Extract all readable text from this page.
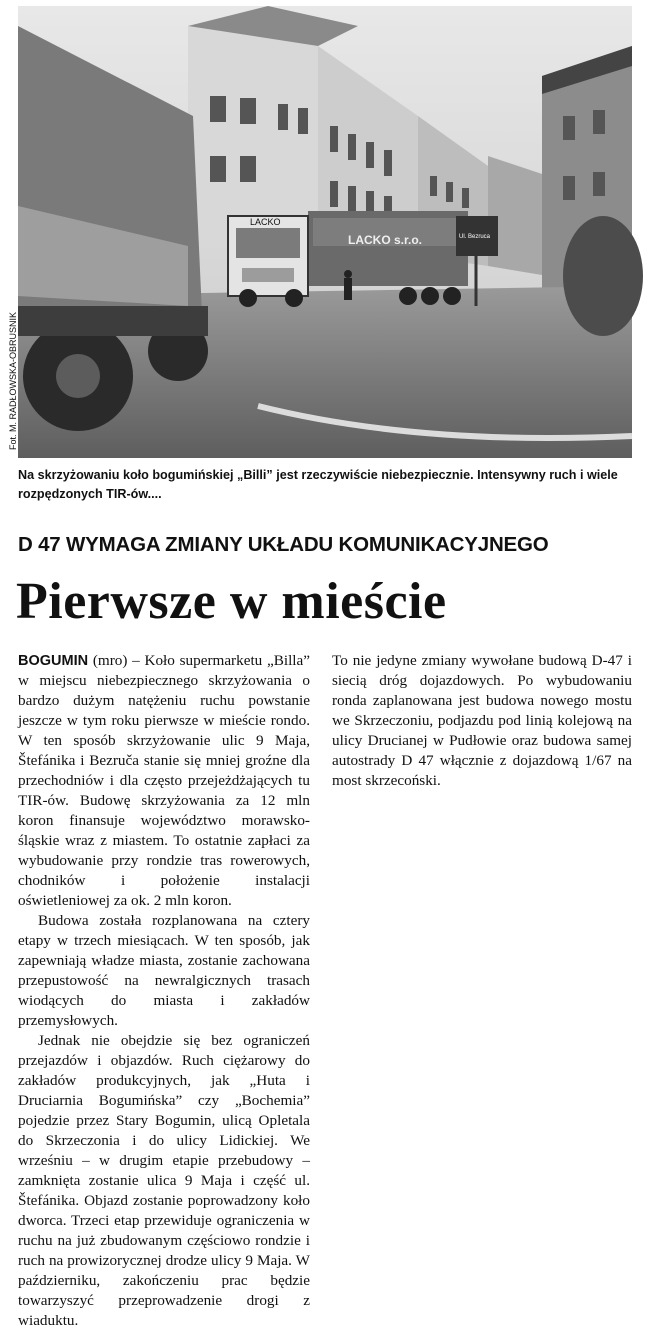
LACKO
LACKO s.r.o.	Ul. Bezruca
Fot. M. RADŁOWSKA-OBRUSNIK

Na skrzyżowaniu koło bogumińskiej „Billi” jest rzeczywiście niebezpiecznie. Intensywny ruch i wiele rozpędzonych TIR-ów....

D 47 WYMAGA ZMIANY UKŁADU KOMUNIKACYJNEGO
Pierwsze w mieście

BOGUMIN (mro) – Koło supermarketu „Billa” w miejscu niebezpiecznego skrzyżowania o bardzo dużym natężeniu ruchu powstanie jeszcze w tym roku pierwsze w mieście rondo. W ten sposób skrzyżowanie ulic 9 Maja, Štefánika i Bezruča stanie się mniej groźne dla przechodniów i dla często przejeżdżających tu TIR-ów. Budowę skrzyżowania za 12 mln koron finansuje województwo morawsko-śląskie wraz z miastem. To ostatnie zapłaci za wybudowanie przy rondzie tras rowerowych, chodników i położenie instalacji oświetleniowej za ok. 2 mln koron.

Budowa została rozplanowana na cztery etapy w trzech miesiącach. W ten sposób, jak zapewniają władze miasta, zostanie zachowana przepustowość na newralgicznych trasach wiodących do miasta i zakładów przemysłowych.

Jednak nie obejdzie się bez ograniczeń przejazdów i objazdów. Ruch ciężarowy do zakładów produkcyjnych, jak „Huta i Druciarnia Bogumińska” czy „Bochemia” pojedzie przez Stary Bogumin, ulicą Opletala do Skrzeczonia i do ulicy Lidickiej. We wrześniu – w drugim etapie przebudowy – zamknięta zostanie ulica 9 Maja i część ul. Štefánika. Objazd zostanie poprowadzony koło dworca. Trzeci etap przewiduje ograniczenia w ruchu na już zbudowanym częściowo rondzie i ruch na prowizorycznej drodze ulicy 9 Maja. W październiku, zakończeniu prac będzie towarzyszyć przeprowadzenie drogi z wiaduktu.

To nie jedyne zmiany wywołane budową D-47 i siecią dróg dojazdowych. Po wybudowaniu ronda zaplanowana jest budowa nowego mostu we Skrzeczoniu, podjazdu pod linią kolejową na ulicy Drucianej w Pudłowie oraz budowa samej autostrady D 47 włącznie z dojazdową 1/67 na most skrzecoński.
